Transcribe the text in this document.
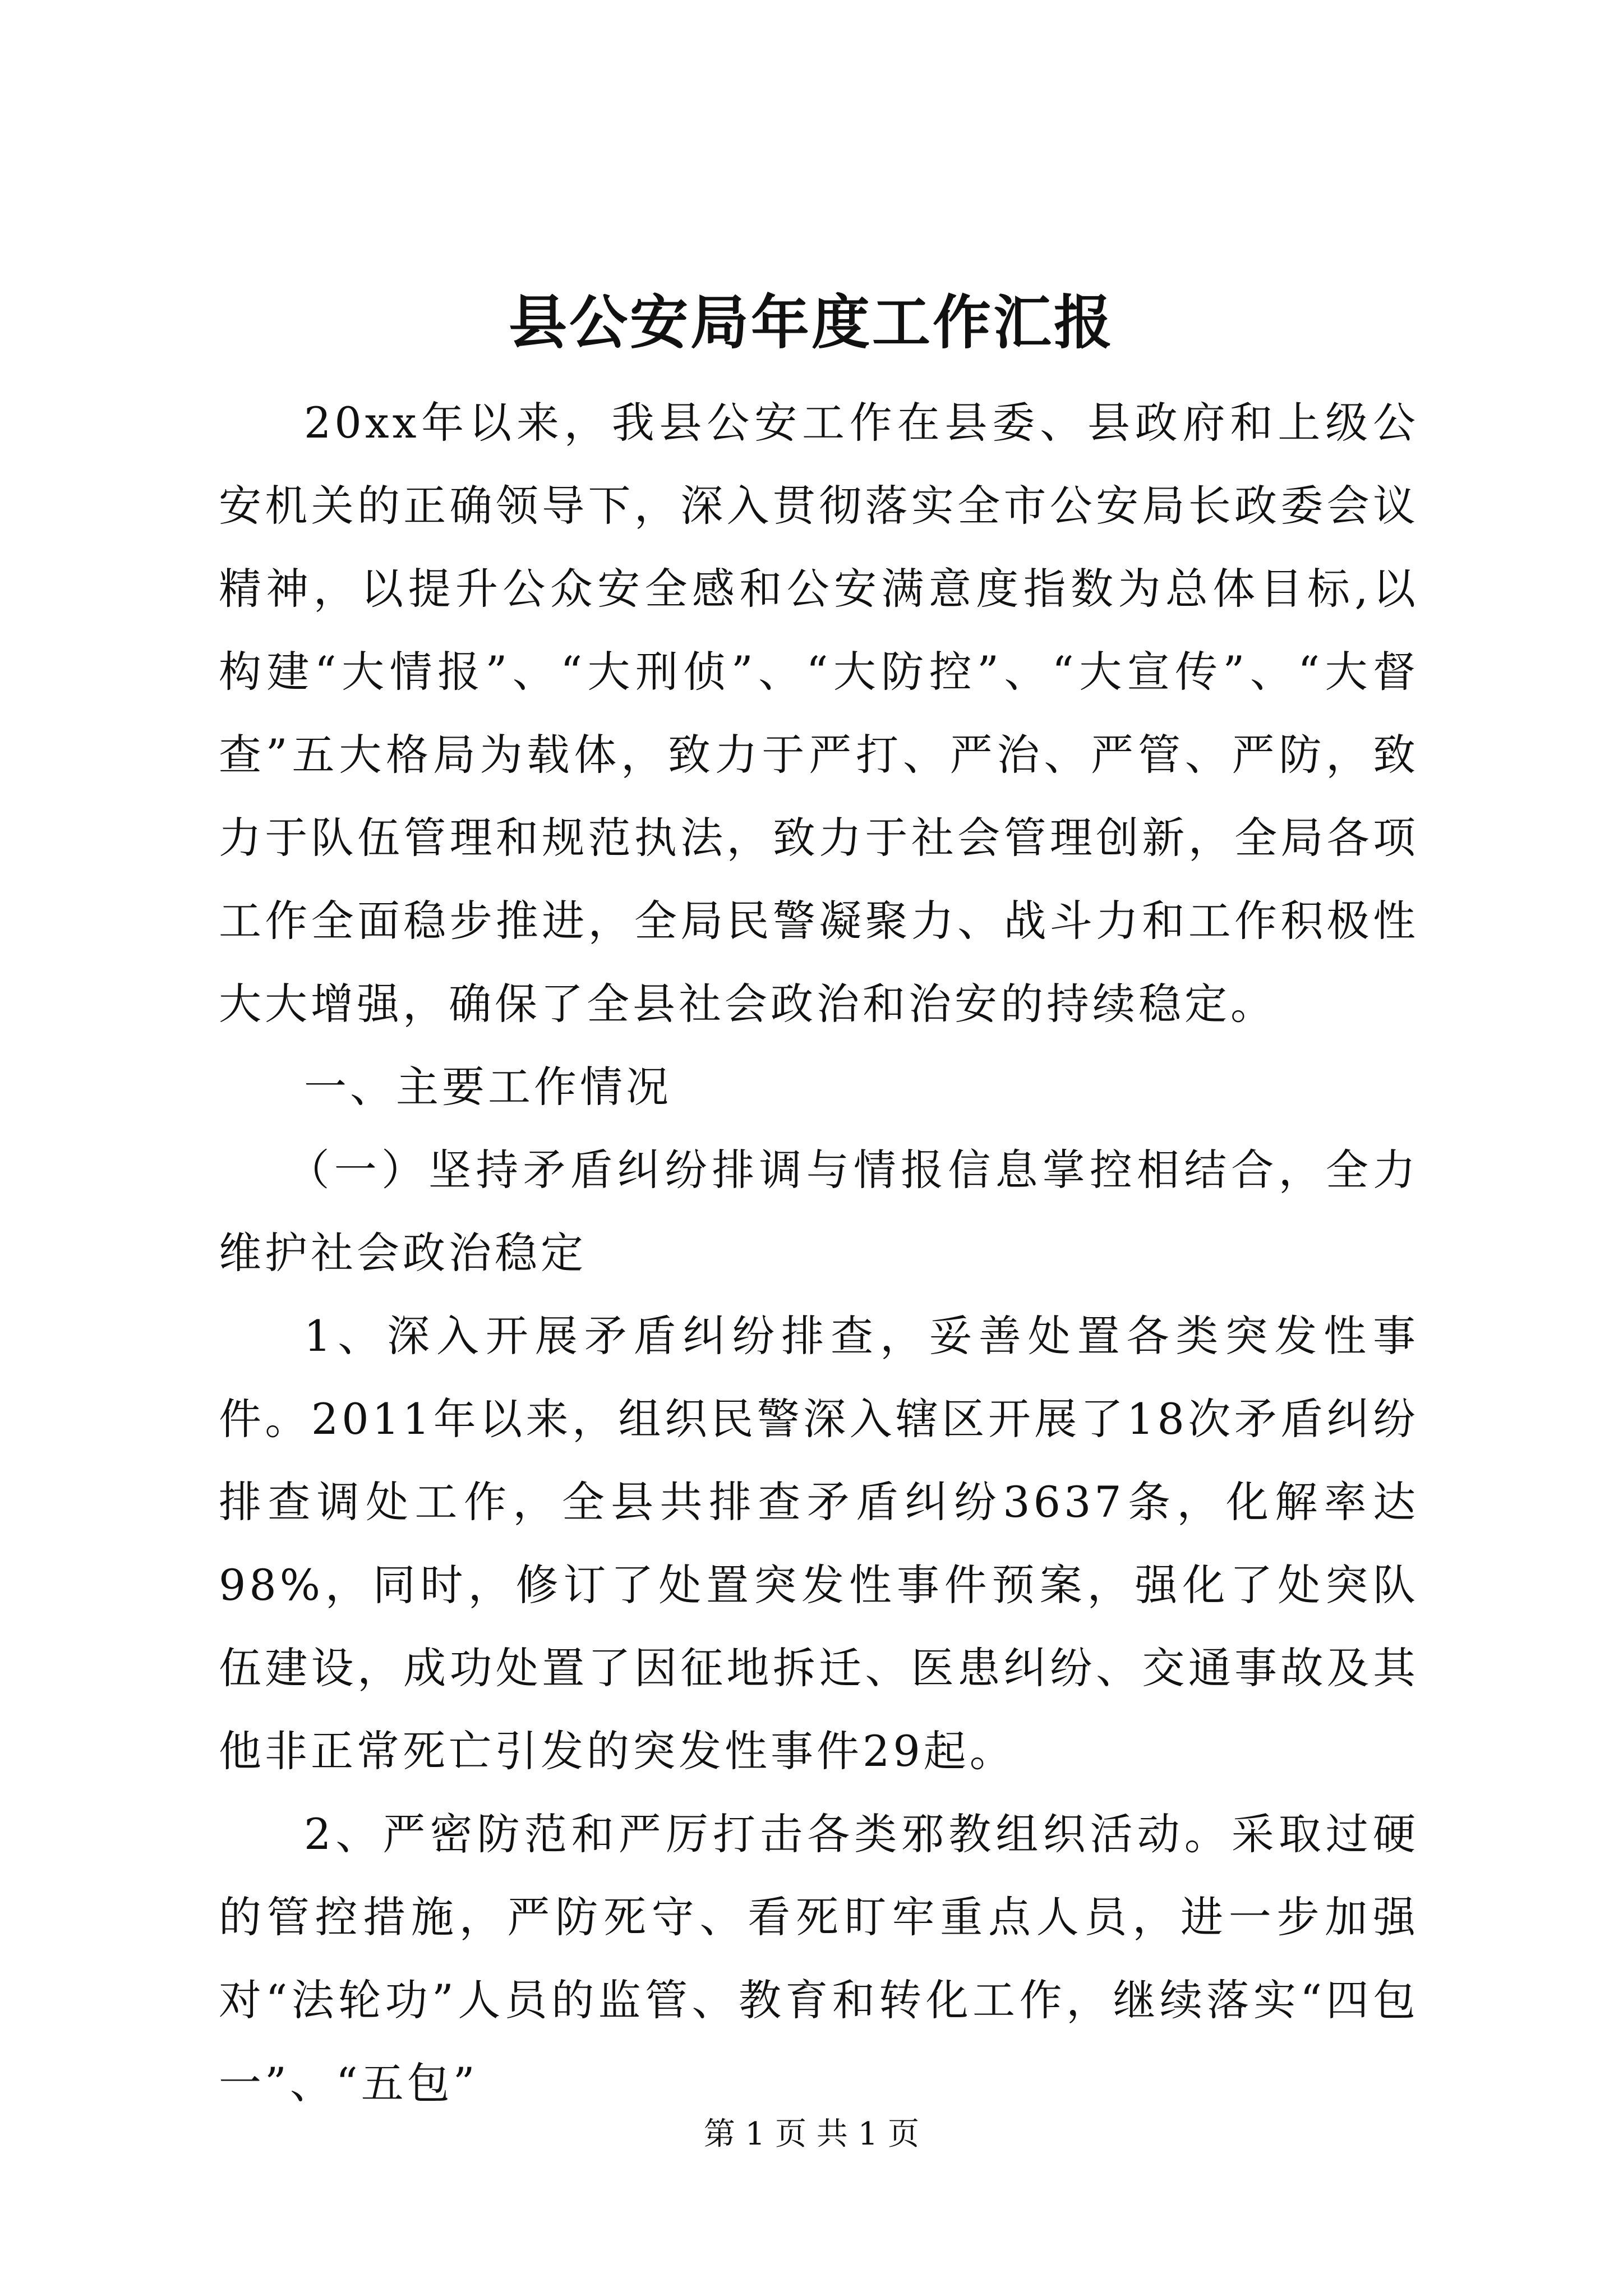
县公安局年度工作汇报

20xx年以来，我县公安工作在县委、县政府和上级公安机关的正确领导下，深入贯彻落实全市公安局长政委会议精神，以提升公众安全感和公安满意度指数为总体目标,以构建“大情报”、“大刑侦”、“大防控”、“大宣传”、“大督查”五大格局为载体，致力于严打、严治、严管、严防，致力于队伍管理和规范执法，致力于社会管理创新，全局各项工作全面稳步推进，全局民警凝聚力、战斗力和工作积极性大大增强，确保了全县社会政治和治安的持续稳定。

一、主要工作情况

（一）坚持矛盾纠纷排调与情报信息掌控相结合，全力维护社会政治稳定

1、深入开展矛盾纠纷排查，妥善处置各类突发性事件。2011年以来，组织民警深入辖区开展了18次矛盾纠纷排查调处工作，全县共排查矛盾纠纷3637条，化解率达98%，同时，修订了处置突发性事件预案，强化了处突队伍建设，成功处置了因征地拆迁、医患纠纷、交通事故及其他非正常死亡引发的突发性事件29起。

2、严密防范和严厉打击各类邪教组织活动。采取过硬的管控措施，严防死守、看死盯牢重点人员，进一步加强对“法轮功”人员的监管、教育和转化工作，继续落实“四包一”、“五包”

第 1 页 共 1 页
